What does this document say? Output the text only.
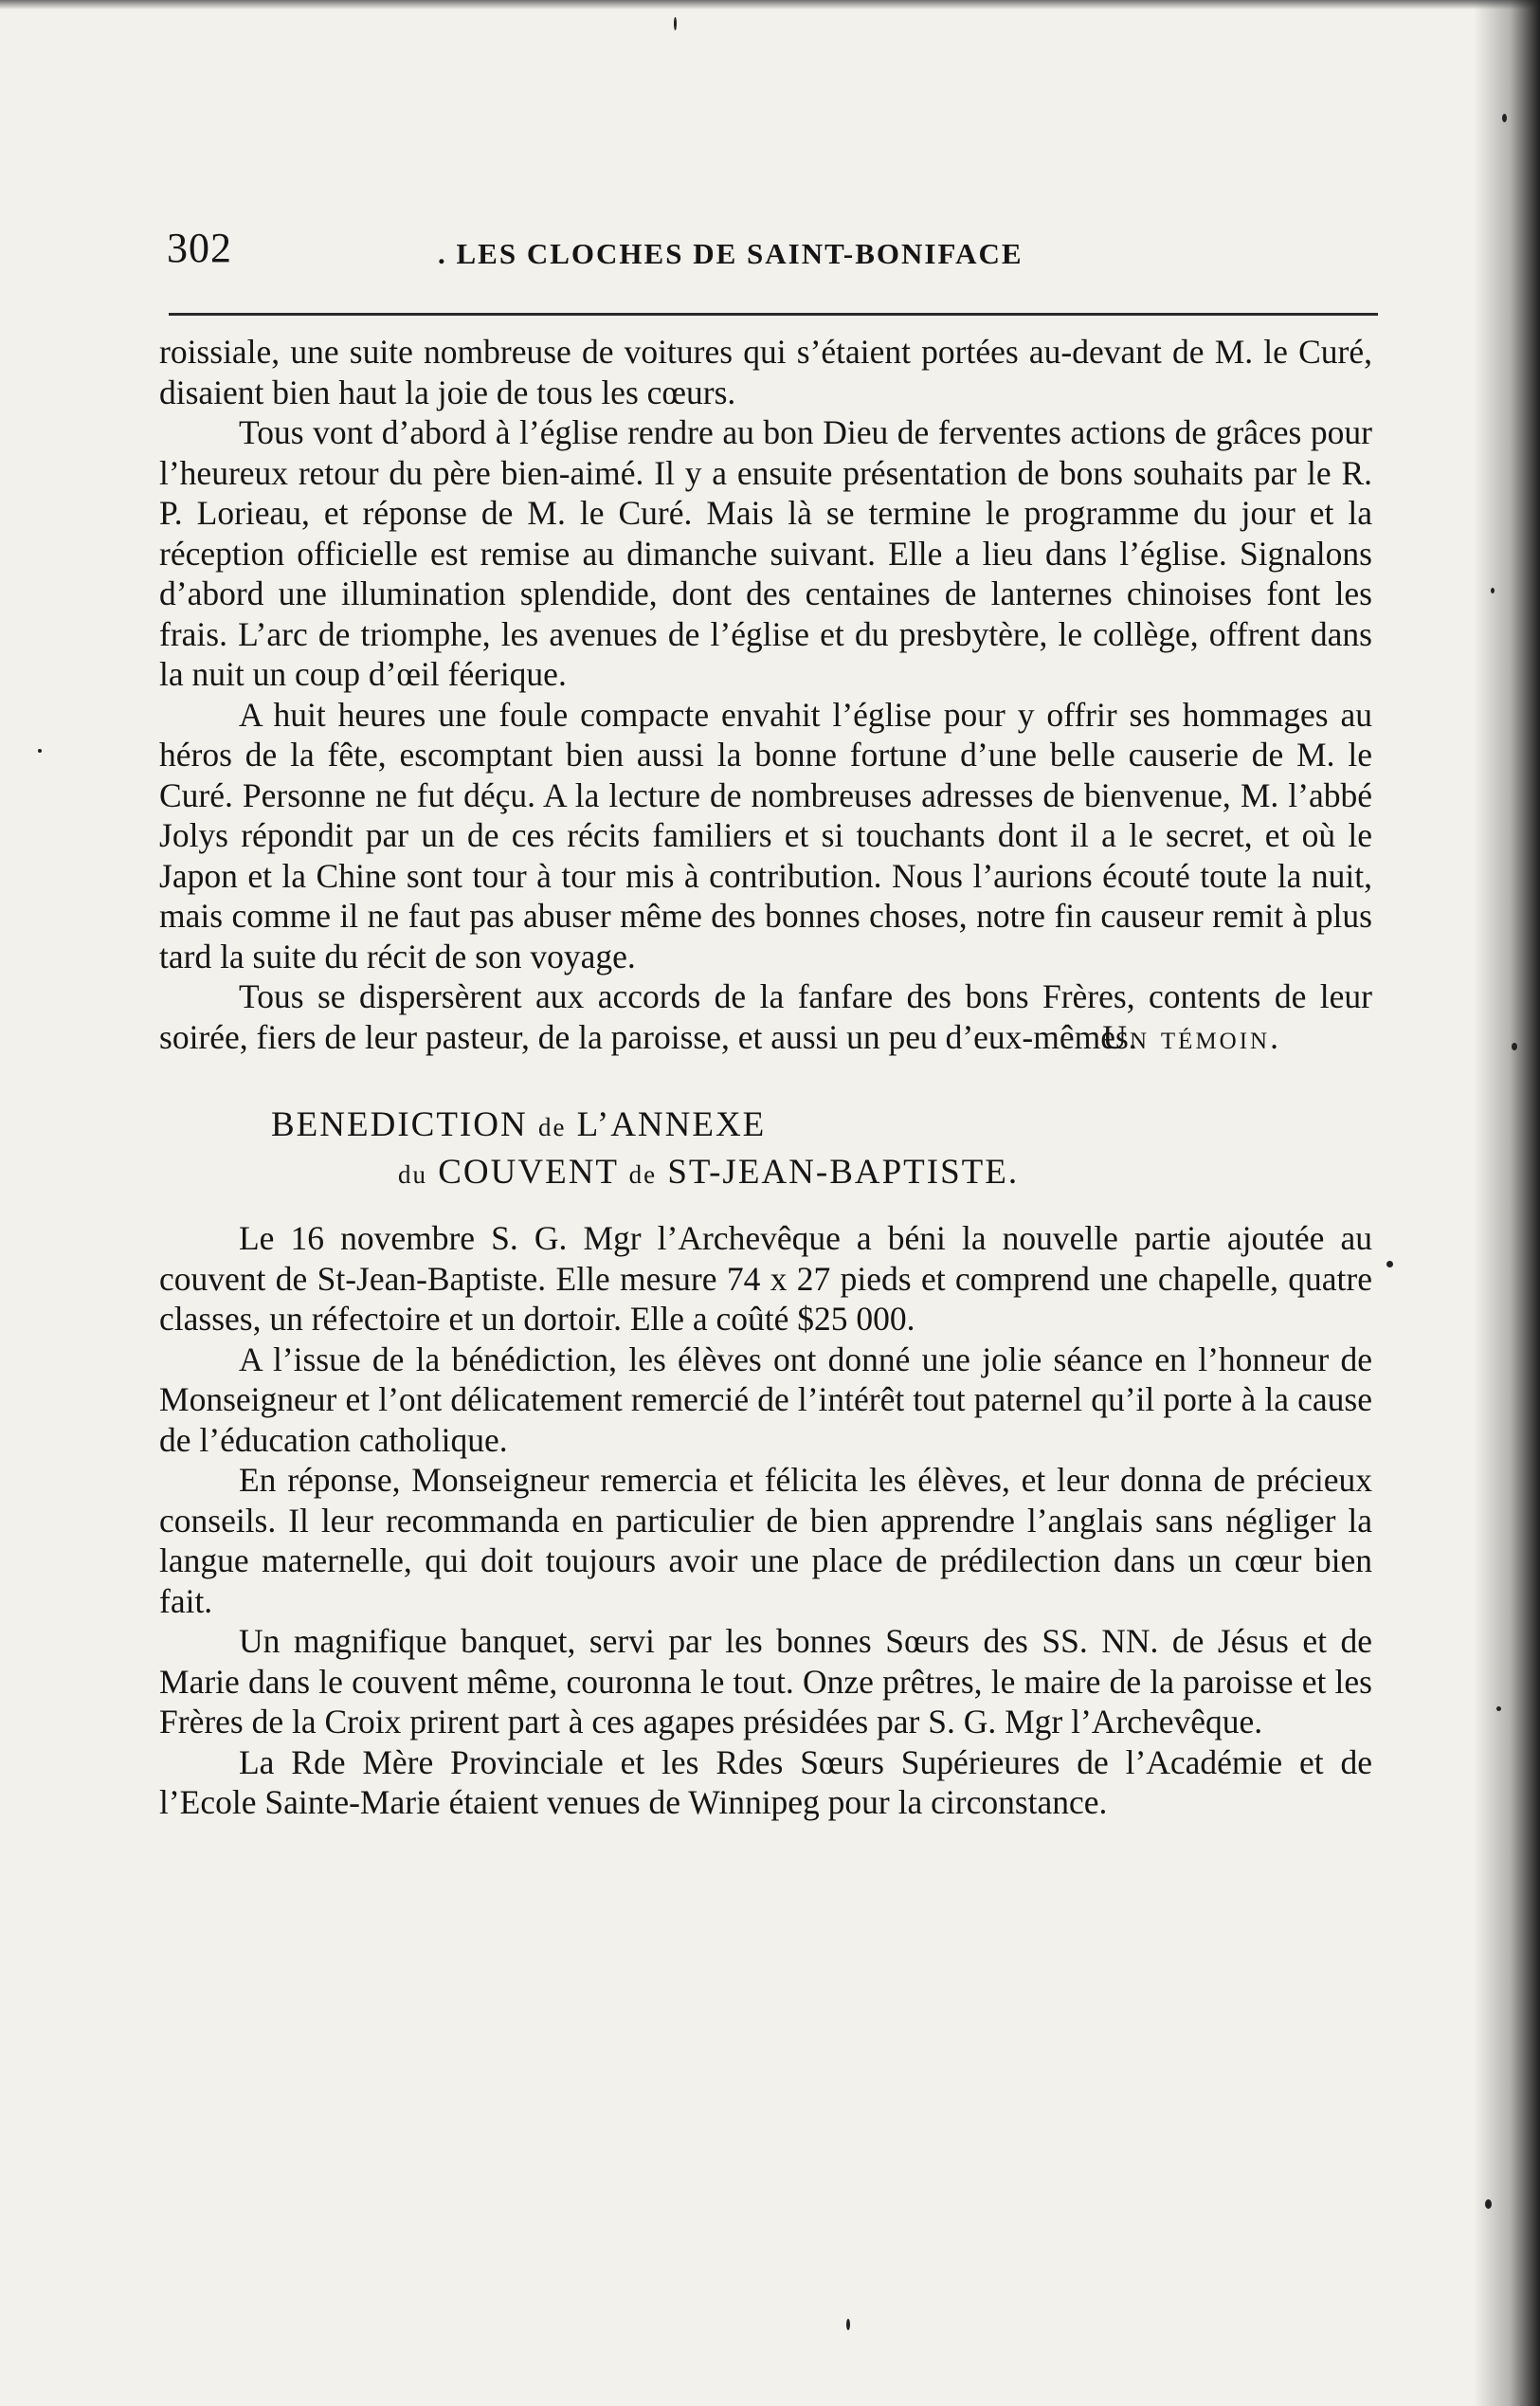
302	. LES CLOCHES DE SAINT-BONIFACE

roissiale, une suite nombreuse de voitures qui s’étaient portées au-devant de M. le Curé, disaient bien haut la joie de tous les cœurs.

Tous vont d’abord à l’église rendre au bon Dieu de ferventes actions de grâces pour l’heureux retour du père bien-aimé. Il y a ensuite présentation de bons souhaits par le R. P. Lorieau, et réponse de M. le Curé. Mais là se termine le programme du jour et la réception officielle est remise au dimanche suivant. Elle a lieu dans l’église. Signalons d’abord une illumination splendide, dont des centaines de lanternes chinoises font les frais. L’arc de triomphe, les avenues de l’église et du presbytère, le collège, offrent dans la nuit un coup d’œil féerique.

A huit heures une foule compacte envahit l’église pour y offrir ses hommages au héros de la fête, escomptant bien aussi la bonne fortune d’une belle causerie de M. le Curé. Personne ne fut déçu. A la lecture de nombreuses adresses de bienvenue, M. l’abbé Jolys répondit par un de ces récits familiers et si touchants dont il a le secret, et où le Japon et la Chine sont tour à tour mis à contribution. Nous l’aurions écouté toute la nuit, mais comme il ne faut pas abuser même des bonnes choses, notre fin causeur remit à plus tard la suite du récit de son voyage.

Tous se dispersèrent aux accords de la fanfare des bons Frères, contents de leur soirée, fiers de leur pasteur, de la paroisse, et aussi un peu d’eux-mêmes.

Un témoin.

BENEDICTION de L’ANNEXE
du COUVENT de ST-JEAN-BAPTISTE.

Le 16 novembre S. G. Mgr l’Archevêque a béni la nouvelle partie ajoutée au couvent de St-Jean-Baptiste. Elle mesure 74 x 27 pieds et comprend une chapelle, quatre classes, un réfectoire et un dortoir. Elle a coûté $25 000.

A l’issue de la bénédiction, les élèves ont donné une jolie séance en l’honneur de Monseigneur et l’ont délicatement remercié de l’intérêt tout paternel qu’il porte à la cause de l’éducation catholique.

En réponse, Monseigneur remercia et félicita les élèves, et leur donna de précieux conseils. Il leur recommanda en particulier de bien apprendre l’anglais sans négliger la langue maternelle, qui doit toujours avoir une place de prédilection dans un cœur bien fait.

Un magnifique banquet, servi par les bonnes Sœurs des SS. NN. de Jésus et de Marie dans le couvent même, couronna le tout. Onze prêtres, le maire de la paroisse et les Frères de la Croix prirent part à ces agapes présidées par S. G. Mgr l’Archevêque.

La Rde Mère Provinciale et les Rdes Sœurs Supérieures de l’Académie et de l’Ecole Sainte-Marie étaient venues de Winnipeg pour la circonstance.
